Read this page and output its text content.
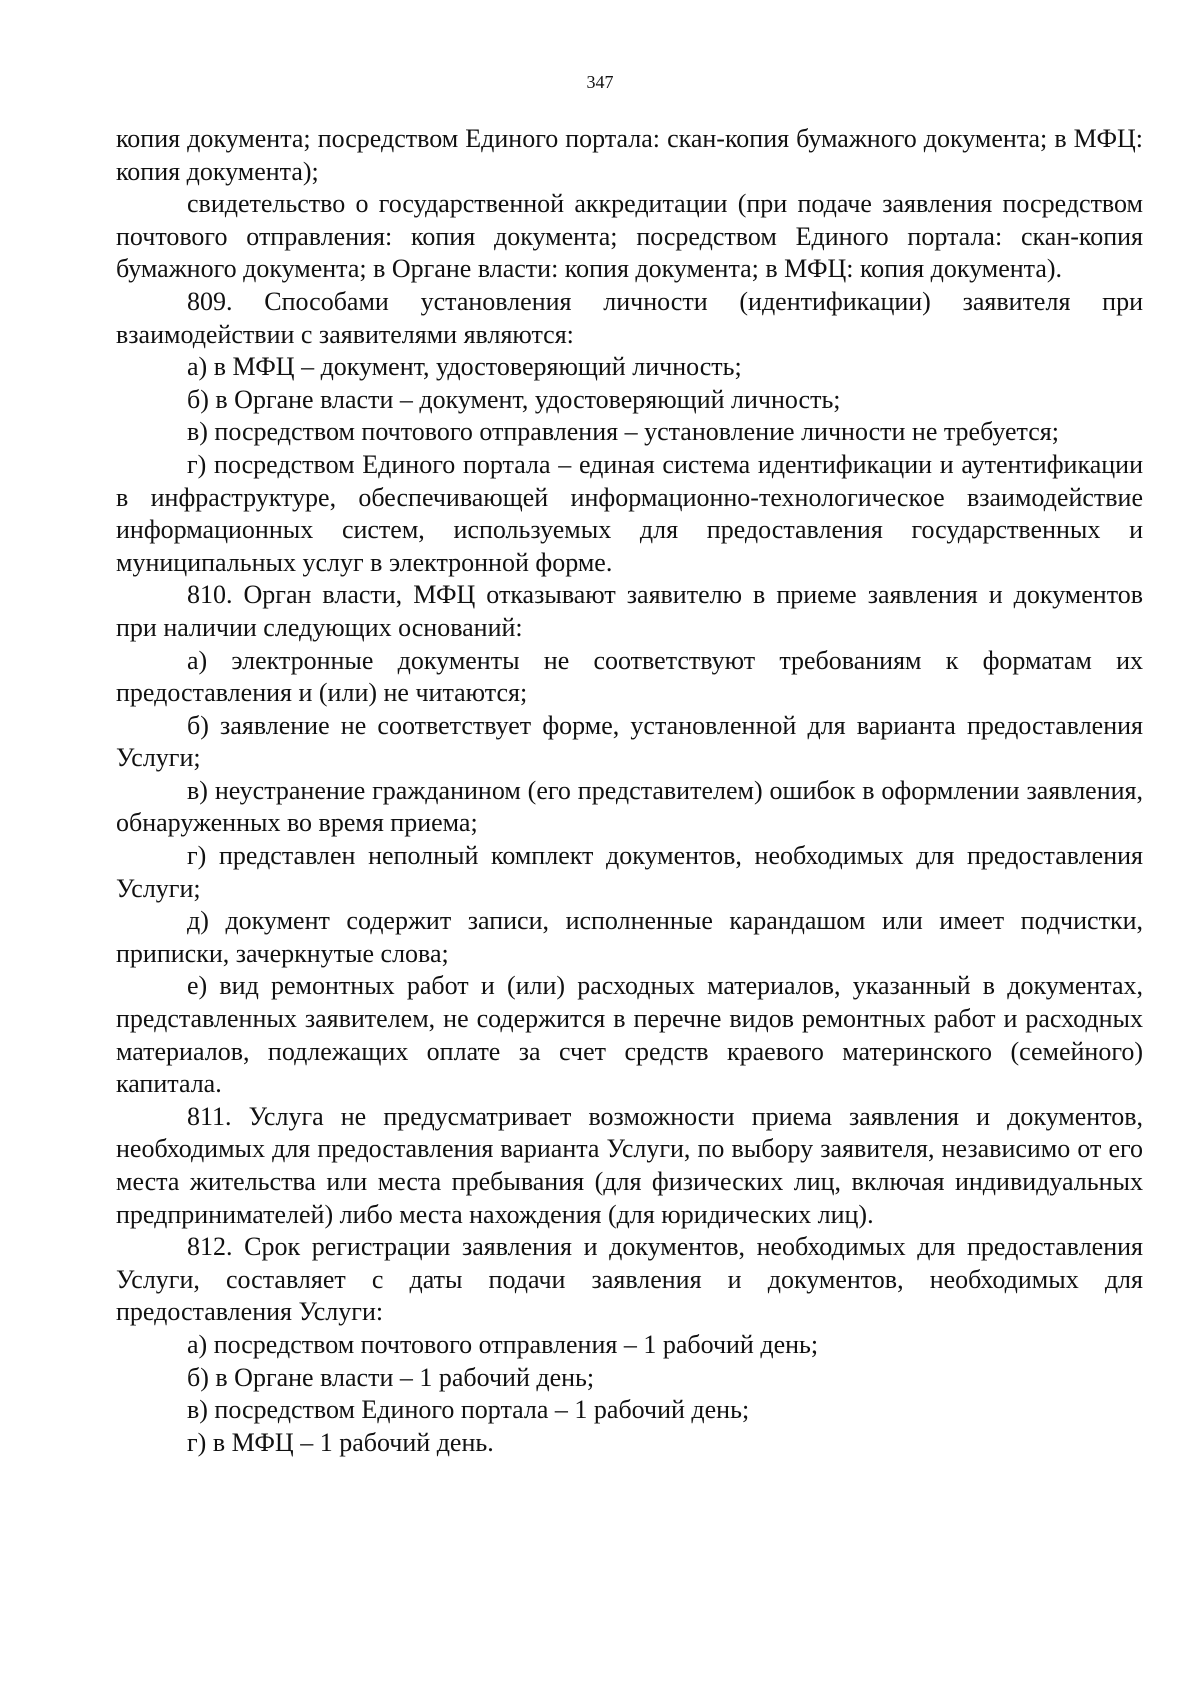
347

копия документа; посредством Единого портала: скан-копия бумажного документа; в МФЦ: копия документа);

свидетельство о государственной аккредитации (при подаче заявления посредством почтового отправления: копия документа; посредством Единого портала: скан-копия бумажного документа; в Органе власти: копия документа; в МФЦ: копия документа).

809. Способами установления личности (идентификации) заявителя при взаимодействии с заявителями являются:

а) в МФЦ – документ, удостоверяющий личность;

б) в Органе власти – документ, удостоверяющий личность;

в) посредством почтового отправления – установление личности не требуется;

г) посредством Единого портала – единая система идентификации и аутентификации в инфраструктуре, обеспечивающей информационно-технологическое взаимодействие информационных систем, используемых для предоставления государственных и муниципальных услуг в электронной форме.

810. Орган власти, МФЦ отказывают заявителю в приеме заявления и документов при наличии следующих оснований:

а) электронные документы не соответствуют требованиям к форматам их предоставления и (или) не читаются;

б) заявление не соответствует форме, установленной для варианта предоставления Услуги;

в) неустранение гражданином (его представителем) ошибок в оформлении заявления, обнаруженных во время приема;

г) представлен неполный комплект документов, необходимых для предоставления Услуги;

д) документ содержит записи, исполненные карандашом или имеет подчистки, приписки, зачеркнутые слова;

е) вид ремонтных работ и (или) расходных материалов, указанный в документах, представленных заявителем, не содержится в перечне видов ремонтных работ и расходных материалов, подлежащих оплате за счет средств краевого материнского (семейного) капитала.

811. Услуга не предусматривает возможности приема заявления и документов, необходимых для предоставления варианта Услуги, по выбору заявителя, независимо от его места жительства или места пребывания (для физических лиц, включая индивидуальных предпринимателей) либо места нахождения (для юридических лиц).

812. Срок регистрации заявления и документов, необходимых для предоставления Услуги, составляет с даты подачи заявления и документов, необходимых для предоставления Услуги:

а) посредством почтового отправления – 1 рабочий день;

б) в Органе власти – 1 рабочий день;

в) посредством Единого портала – 1 рабочий день;

г) в МФЦ – 1 рабочий день.
